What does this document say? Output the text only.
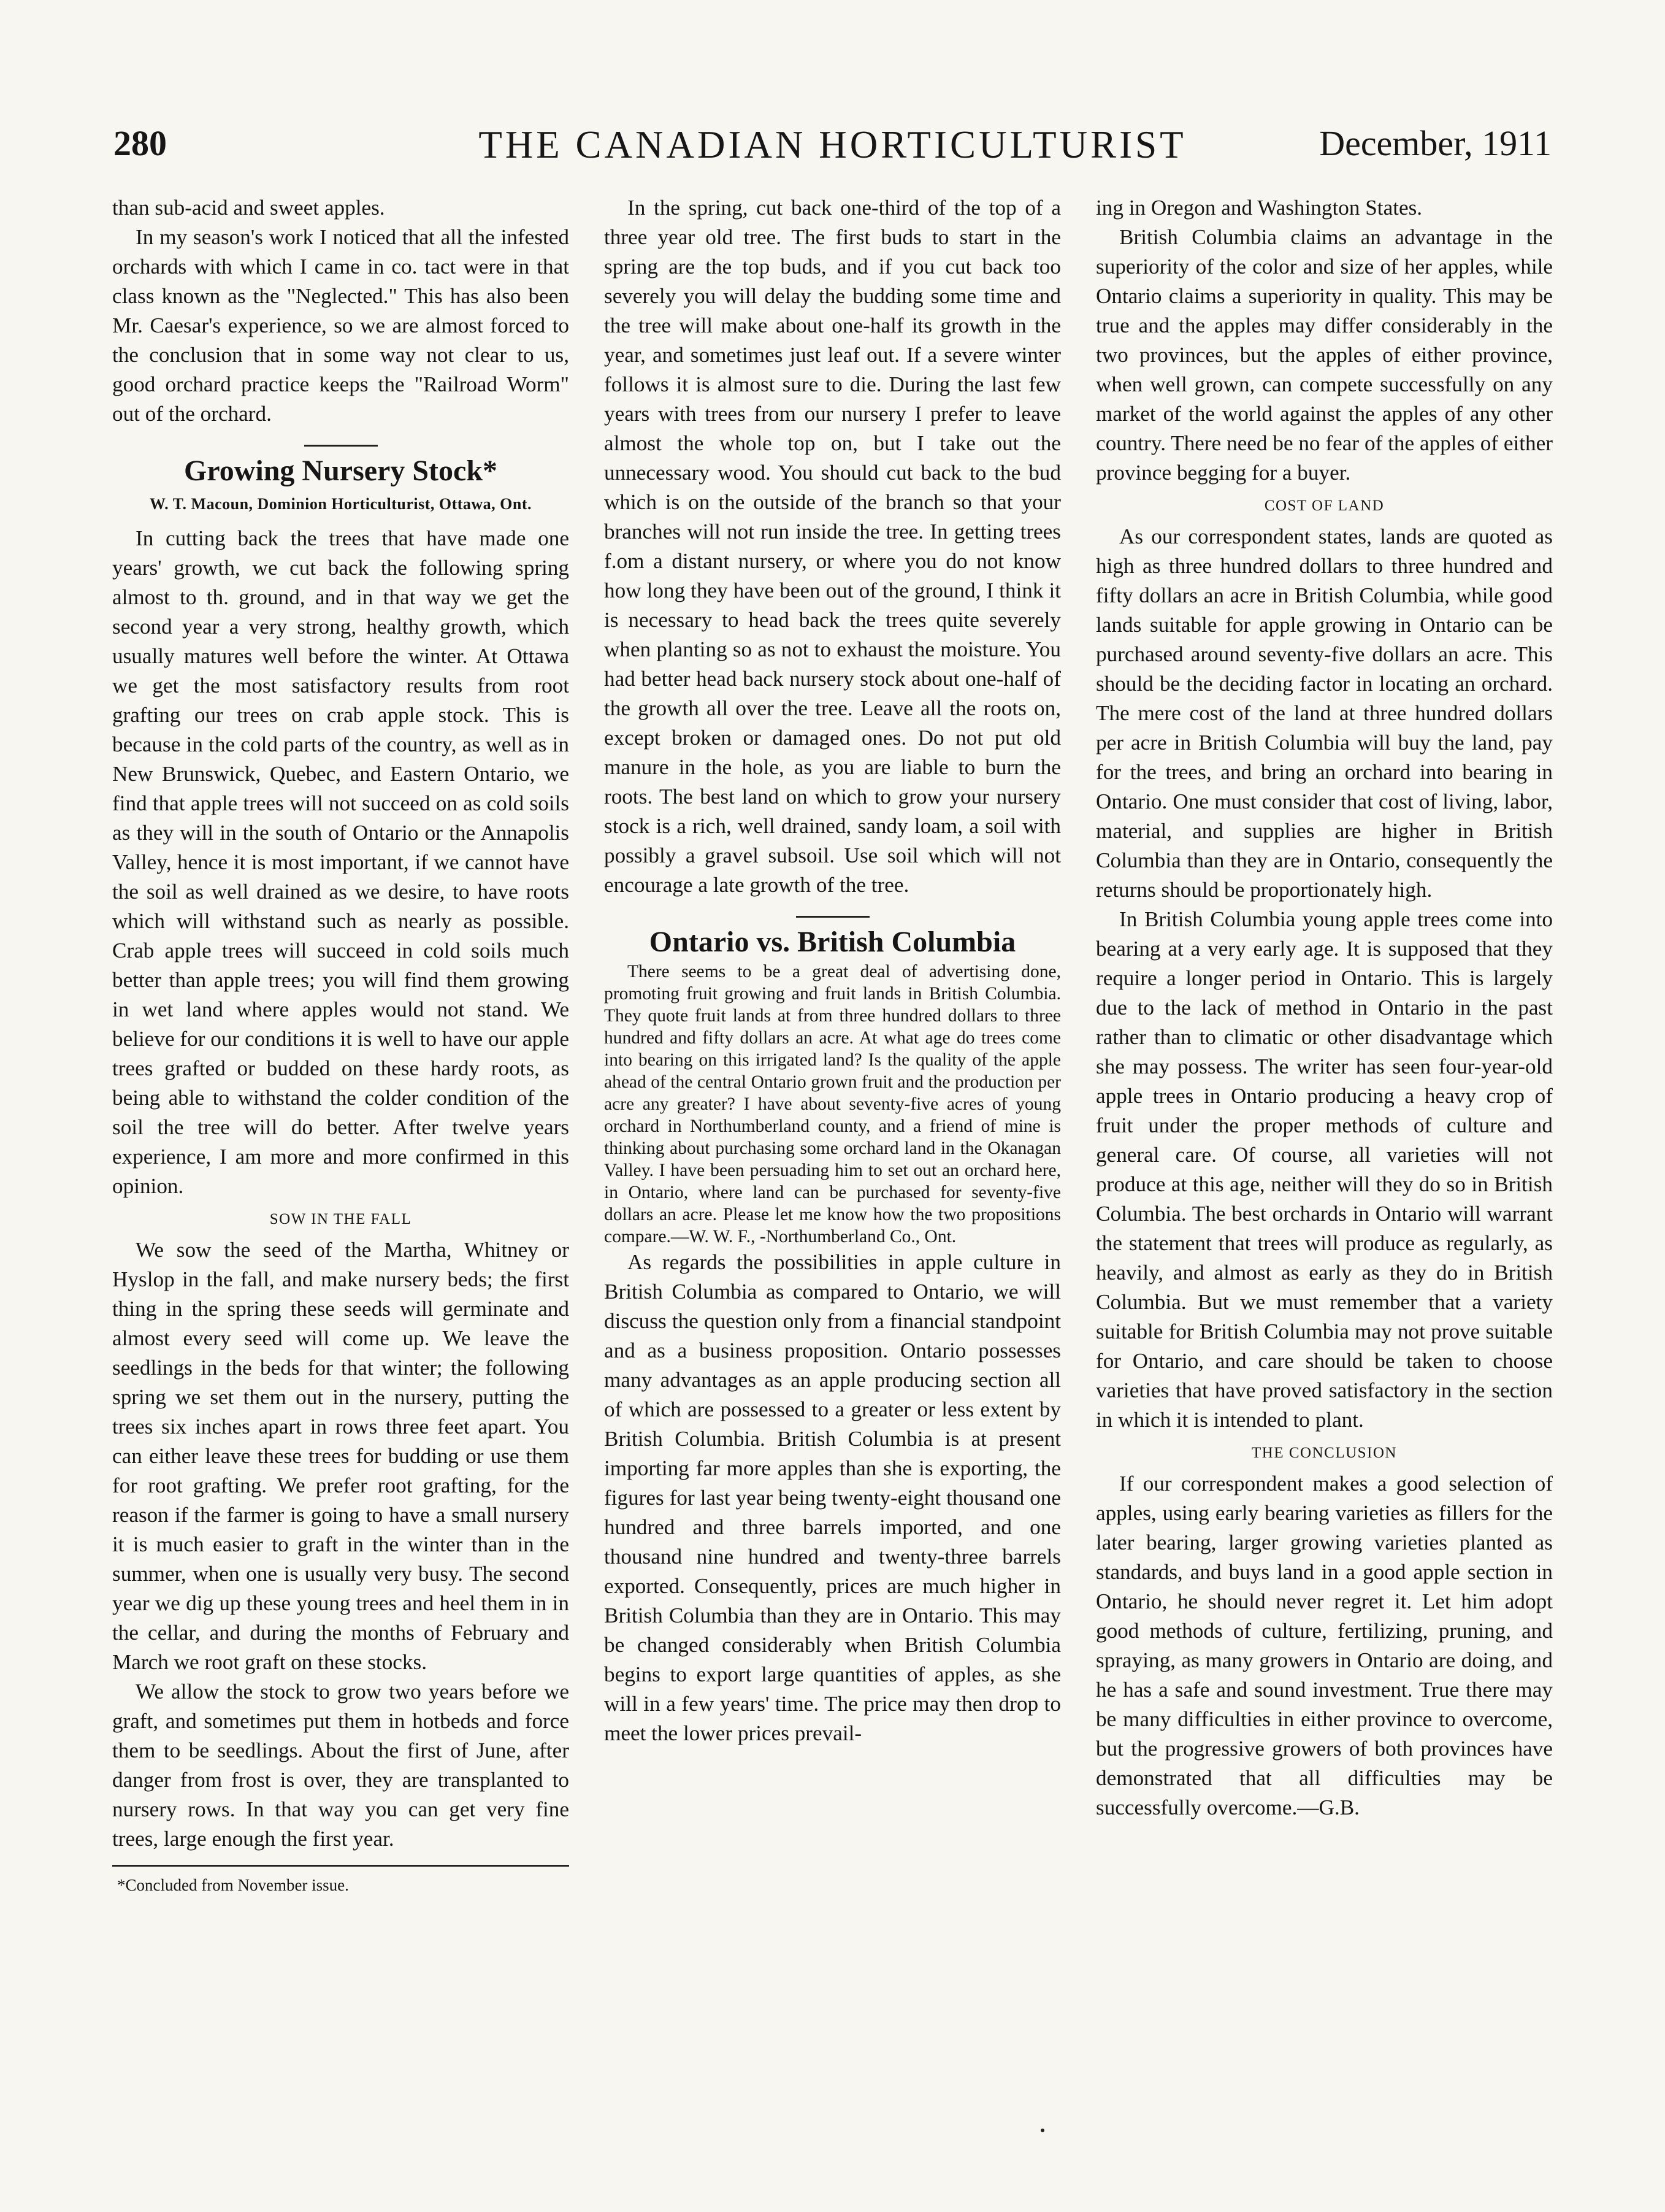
280	THE CANADIAN HORTICULTURIST	December, 1911

than sub-acid and sweet apples.

In my season's work I noticed that all the infested orchards with which I came in co. tact were in that class known as the "Neglected." This has also been Mr. Caesar's experience, so we are almost forced to the conclusion that in some way not clear to us, good orchard practice keeps the "Railroad Worm" out of the orchard.

Growing Nursery Stock*
W. T. Macoun, Dominion Horticulturist, Ottawa, Ont.

In cutting back the trees that have made one years' growth, we cut back the following spring almost to th. ground, and in that way we get the second year a very strong, healthy growth, which usually matures well before the winter. At Ottawa we get the most satisfactory results from root grafting our trees on crab apple stock. This is because in the cold parts of the country, as well as in New Brunswick, Quebec, and Eastern Ontario, we find that apple trees will not succeed on as cold soils as they will in the south of Ontario or the Annapolis Valley, hence it is most important, if we cannot have the soil as well drained as we desire, to have roots which will withstand such as nearly as possible. Crab apple trees will succeed in cold soils much better than apple trees; you will find them growing in wet land where apples would not stand. We believe for our conditions it is well to have our apple trees grafted or budded on these hardy roots, as being able to withstand the colder condition of the soil the tree will do better. After twelve years experience, I am more and more confirmed in this opinion.

SOW IN THE FALL

We sow the seed of the Martha, Whitney or Hyslop in the fall, and make nursery beds; the first thing in the spring these seeds will germinate and almost every seed will come up. We leave the seedlings in the beds for that winter; the following spring we set them out in the nursery, putting the trees six inches apart in rows three feet apart. You can either leave these trees for budding or use them for root grafting. We prefer root grafting, for the reason if the farmer is going to have a small nursery it is much easier to graft in the winter than in the summer, when one is usually very busy. The second year we dig up these young trees and heel them in in the cellar, and during the months of February and March we root graft on these stocks.

We allow the stock to grow two years before we graft, and sometimes put them in hotbeds and force them to be seedlings. About the first of June, after danger from frost is over, they are transplanted to nursery rows. In that way you can get very fine trees, large enough the first year.

*Concluded from November issue.

In the spring, cut back one-third of the top of a three year old tree. The first buds to start in the spring are the top buds, and if you cut back too severely you will delay the budding some time and the tree will make about one-half its growth in the year, and sometimes just leaf out. If a severe winter follows it is almost sure to die. During the last few years with trees from our nursery I prefer to leave almost the whole top on, but I take out the unnecessary wood. You should cut back to the bud which is on the outside of the branch so that your branches will not run inside the tree. In getting trees f.om a distant nursery, or where you do not know how long they have been out of the ground, I think it is necessary to head back the trees quite severely when planting so as not to exhaust the moisture. You had better head back nursery stock about one-half of the growth all over the tree. Leave all the roots on, except broken or damaged ones. Do not put old manure in the hole, as you are liable to burn the roots. The best land on which to grow your nursery stock is a rich, well drained, sandy loam, a soil with possibly a gravel subsoil. Use soil which will not encourage a late growth of the tree.

Ontario vs. British Columbia

There seems to be a great deal of advertising done, promoting fruit growing and fruit lands in British Columbia. They quote fruit lands at from three hundred dollars to three hundred and fifty dollars an acre. At what age do trees come into bearing on this irrigated land? Is the quality of the apple ahead of the central Ontario grown fruit and the production per acre any greater? I have about seventy-five acres of young orchard in Northumberland county, and a friend of mine is thinking about purchasing some orchard land in the Okanagan Valley. I have been persuading him to set out an orchard here, in Ontario, where land can be purchased for seventy-five dollars an acre. Please let me know how the two propositions compare.—W. W. F., -Northumberland Co., Ont.

As regards the possibilities in apple culture in British Columbia as compared to Ontario, we will discuss the question only from a financial standpoint and as a business proposition. Ontario possesses many advantages as an apple producing section all of which are possessed to a greater or less extent by British Columbia. British Columbia is at present importing far more apples than she is exporting, the figures for last year being twenty-eight thousand one hundred and three barrels imported, and one thousand nine hundred and twenty-three barrels exported. Consequently, prices are much higher in British Columbia than they are in Ontario. This may be changed considerably when British Columbia begins to export large quantities of apples, as she will in a few years' time. The price may then drop to meet the lower prices prevail-

ing in Oregon and Washington States.

British Columbia claims an advantage in the superiority of the color and size of her apples, while Ontario claims a superiority in quality. This may be true and the apples may differ considerably in the two provinces, but the apples of either province, when well grown, can compete successfully on any market of the world against the apples of any other country. There need be no fear of the apples of either province begging for a buyer.

COST OF LAND

As our correspondent states, lands are quoted as high as three hundred dollars to three hundred and fifty dollars an acre in British Columbia, while good lands suitable for apple growing in Ontario can be purchased around seventy-five dollars an acre. This should be the deciding factor in locating an orchard. The mere cost of the land at three hundred dollars per acre in British Columbia will buy the land, pay for the trees, and bring an orchard into bearing in Ontario. One must consider that cost of living, labor, material, and supplies are higher in British Columbia than they are in Ontario, consequently the returns should be proportionately high.

In British Columbia young apple trees come into bearing at a very early age. It is supposed that they require a longer period in Ontario. This is largely due to the lack of method in Ontario in the past rather than to climatic or other disadvantage which she may possess. The writer has seen four-year-old apple trees in Ontario producing a heavy crop of fruit under the proper methods of culture and general care. Of course, all varieties will not produce at this age, neither will they do so in British Columbia. The best orchards in Ontario will warrant the statement that trees will produce as regularly, as heavily, and almost as early as they do in British Columbia. But we must remember that a variety suitable for British Columbia may not prove suitable for Ontario, and care should be taken to choose varieties that have proved satisfactory in the section in which it is intended to plant.

THE CONCLUSION

If our correspondent makes a good selection of apples, using early bearing varieties as fillers for the later bearing, larger growing varieties planted as standards, and buys land in a good apple section in Ontario, he should never regret it. Let him adopt good methods of culture, fertilizing, pruning, and spraying, as many growers in Ontario are doing, and he has a safe and sound investment. True there may be many difficulties in either province to overcome, but the progressive growers of both provinces have demonstrated that all difficulties may be successfully overcome.—G.B.
